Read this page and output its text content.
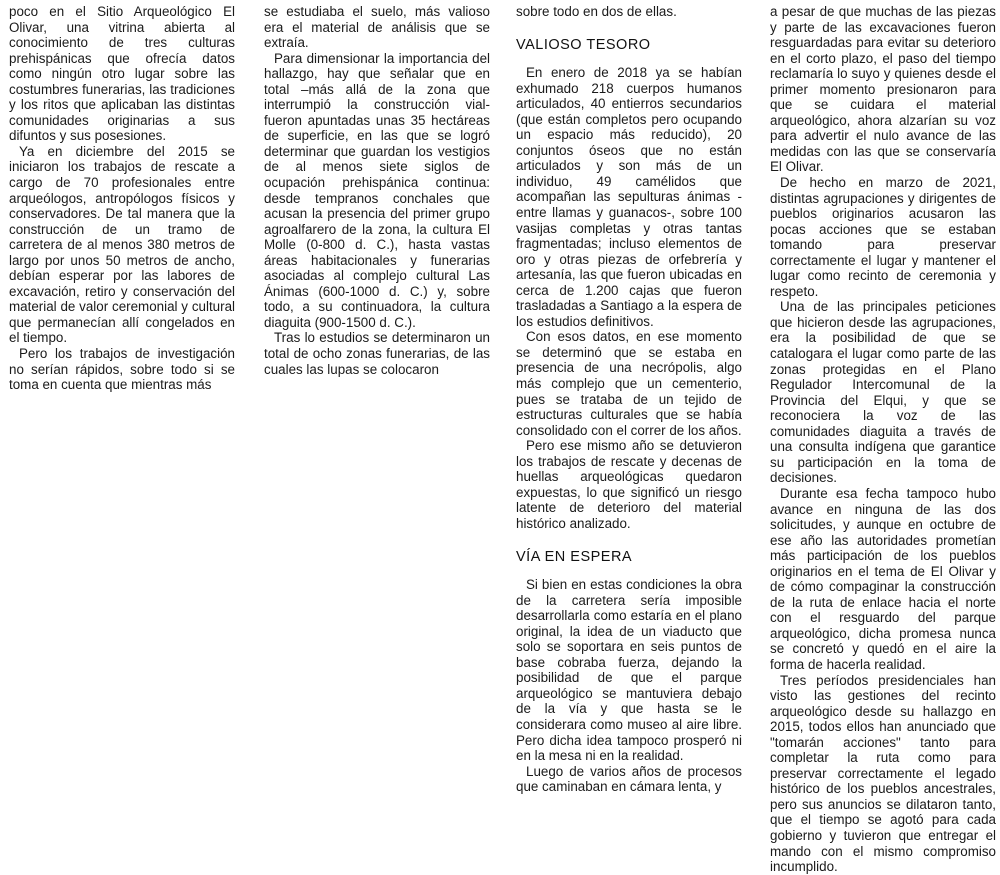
poco en el Sitio Arqueológico El Olivar, una vitrina abierta al conocimiento de tres culturas prehispánicas que ofrecía datos como ningún otro lugar sobre las costumbres funerarias, las tradiciones y los ritos que aplicaban las distintas comunidades originarias a sus difuntos y sus posesiones.

Ya en diciembre del 2015 se iniciaron los trabajos de rescate a cargo de 70 profesionales entre arqueólogos, antropólogos físicos y conservadores. De tal manera que la construcción de un tramo de carretera de al menos 380 metros de largo por unos 50 metros de ancho, debían esperar por las labores de excavación, retiro y conservación del material de valor ceremonial y cultural que permanecían allí congelados en el tiempo.

Pero los trabajos de investigación no serían rápidos, sobre todo si se toma en cuenta que mientras más

se estudiaba el suelo, más valioso era el material de análisis que se extraía.

Para dimensionar la importancia del hallazgo, hay que señalar que en total –más allá de la zona que interrumpió la construcción vial- fueron apuntadas unas 35 hectáreas de superficie, en las que se logró determinar que guardan los vestigios de al menos siete siglos de ocupación prehispánica continua: desde tempranos conchales que acusan la presencia del primer grupo agroalfarero de la zona, la cultura El Molle (0-800 d. C.), hasta vastas áreas habitacionales y funerarias asociadas al complejo cultural Las Ánimas (600-1000 d. C.) y, sobre todo, a su continuadora, la cultura diaguita (900-1500 d. C.).

Tras lo estudios se determinaron un total de ocho zonas funerarias, de las cuales las lupas se colocaron

sobre todo en dos de ellas.

VALIOSO TESORO

En enero de 2018 ya se habían exhumado 218 cuerpos humanos articulados, 40 entierros secundarios (que están completos pero ocupando un espacio más reducido), 20 conjuntos óseos que no están articulados y son más de un individuo, 49 camélidos que acompañan las sepulturas ánimas -entre llamas y guanacos-, sobre 100 vasijas completas y otras tantas fragmentadas; incluso elementos de oro y otras piezas de orfebrería y artesanía, las que fueron ubicadas en cerca de 1.200 cajas que fueron trasladadas a Santiago a la espera de los estudios definitivos.

Con esos datos, en ese momento se determinó que se estaba en presencia de una necrópolis, algo más complejo que un cementerio, pues se trataba de un tejido de estructuras culturales que se había consolidado con el correr de los años.

Pero ese mismo año se detuvieron los trabajos de rescate y decenas de huellas arqueológicas quedaron expuestas, lo que significó un riesgo latente de deterioro del material histórico analizado.

VÍA EN ESPERA

Si bien en estas condiciones la obra de la carretera sería imposible desarrollarla como estaría en el plano original, la idea de un viaducto que solo se soportara en seis puntos de base cobraba fuerza, dejando la posibilidad de que el parque arqueológico se mantuviera debajo de la vía y que hasta se le considerara como museo al aire libre. Pero dicha idea tampoco prosperó ni en la mesa ni en la realidad.

Luego de varios años de procesos que caminaban en cámara lenta, y

a pesar de que muchas de las piezas y parte de las excavaciones fueron resguardadas para evitar su deterioro en el corto plazo, el paso del tiempo reclamaría lo suyo y quienes desde el primer momento presionaron para que se cuidara el material arqueológico, ahora alzarían su voz para advertir el nulo avance de las medidas con las que se conservaría El Olivar.

De hecho en marzo de 2021, distintas agrupaciones y dirigentes de pueblos originarios acusaron las pocas acciones que se estaban tomando para preservar correctamente el lugar y mantener el lugar como recinto de ceremonia y respeto.

Una de las principales peticiones que hicieron desde las agrupaciones, era la posibilidad de que se catalogara el lugar como parte de las zonas protegidas en el Plano Regulador Intercomunal de la Provincia del Elqui, y que se reconociera la voz de las comunidades diaguita a través de una consulta indígena que garantice su participación en la toma de decisiones.

Durante esa fecha tampoco hubo avance en ninguna de las dos solicitudes, y aunque en octubre de ese año las autoridades prometían más participación de los pueblos originarios en el tema de El Olivar y de cómo compaginar la construcción de la ruta de enlace hacia el norte con el resguardo del parque arqueológico, dicha promesa nunca se concretó y quedó en el aire la forma de hacerla realidad.

Tres períodos presidenciales han visto las gestiones del recinto arqueológico desde su hallazgo en 2015, todos ellos han anunciado que "tomarán acciones" tanto para completar la ruta como para preservar correctamente el legado histórico de los pueblos ancestrales, pero sus anuncios se dilataron tanto, que el tiempo se agotó para cada gobierno y tuvieron que entregar el mando con el mismo compromiso incumplido.
